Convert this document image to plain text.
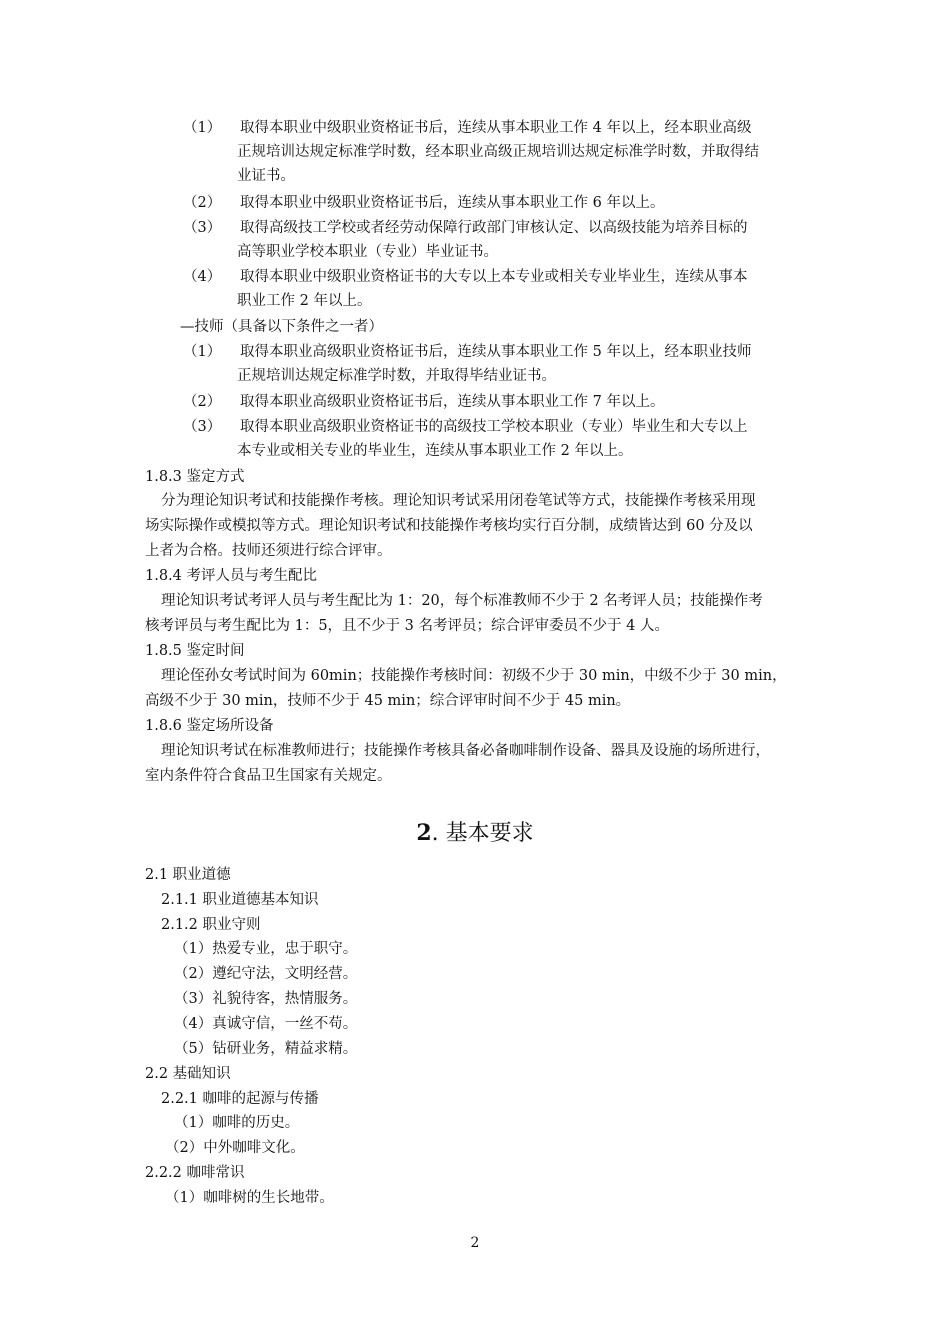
（1） 取得本职业中级职业资格证书后，连续从事本职业工作 4 年以上，经本职业高级
正规培训达规定标准学时数，经本职业高级正规培训达规定标准学时数，并取得结
业证书。
（2） 取得本职业中级职业资格证书后，连续从事本职业工作 6 年以上。
（3） 取得高级技工学校或者经劳动保障行政部门审核认定、以高级技能为培养目标的
高等职业学校本职业（专业）毕业证书。
（4） 取得本职业中级职业资格证书的大专以上本专业或相关专业毕业生，连续从事本
职业工作 2 年以上。
—技师（具备以下条件之一者）
（1） 取得本职业高级职业资格证书后，连续从事本职业工作 5 年以上，经本职业技师
正规培训达规定标准学时数，并取得毕结业证书。
（2） 取得本职业高级职业资格证书后，连续从事本职业工作 7 年以上。
（3） 取得本职业高级职业资格证书的高级技工学校本职业（专业）毕业生和大专以上
本专业或相关专业的毕业生，连续从事本职业工作 2 年以上。
1.8.3 鉴定方式
分为理论知识考试和技能操作考核。理论知识考试采用闭卷笔试等方式，技能操作考核采用现
场实际操作或模拟等方式。理论知识考试和技能操作考核均实行百分制，成绩皆达到 60 分及以
上者为合格。技师还须进行综合评审。
1.8.4 考评人员与考生配比
理论知识考试考评人员与考生配比为 1：20，每个标准教师不少于 2 名考评人员；技能操作考
核考评员与考生配比为 1：5，且不少于 3 名考评员；综合评审委员不少于 4 人。
1.8.5 鉴定时间
理论侄孙女考试时间为 60min；技能操作考核时间：初级不少于 30 min，中级不少于 30 min，
高级不少于 30 min，技师不少于 45 min；综合评审时间不少于 45 min。
1.8.6 鉴定场所设备
理论知识考试在标准教师进行；技能操作考核具备必备咖啡制作设备、器具及设施的场所进行，
室内条件符合食品卫生国家有关规定。
2. 基本要求
2.1 职业道德
2.1.1 职业道德基本知识
2.1.2 职业守则
（1）热爱专业，忠于职守。
（2）遵纪守法，文明经营。
（3）礼貌待客，热情服务。
（4）真诚守信，一丝不苟。
（5）钻研业务，精益求精。
2.2 基础知识
2.2.1 咖啡的起源与传播
（1）咖啡的历史。
（2）中外咖啡文化。
2.2.2 咖啡常识
（1）咖啡树的生长地带。
2
